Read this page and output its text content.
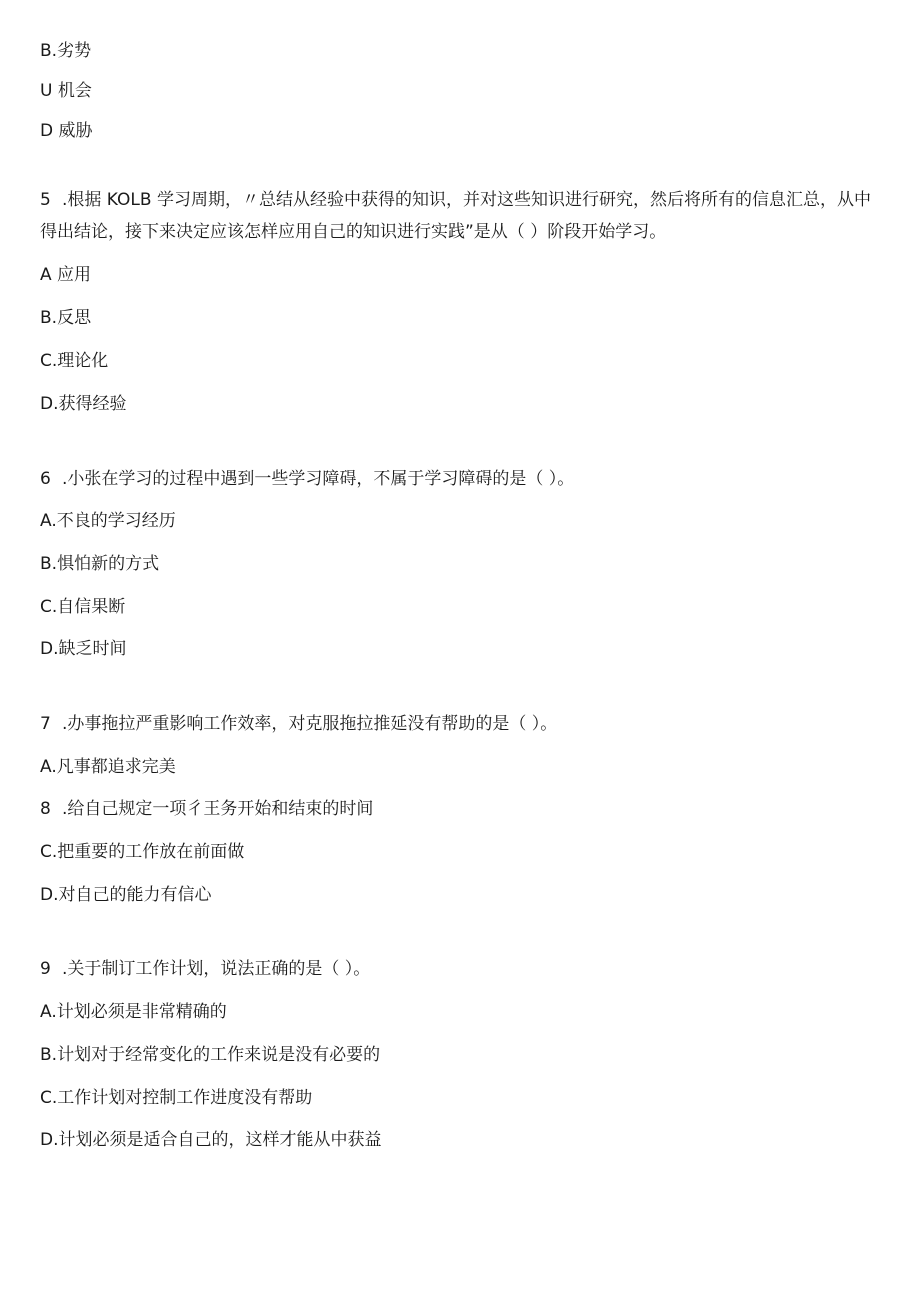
B.劣势
U 机会
D 威胁
5 .根据 KOLB 学习周期，〃总结从经验中获得的知识，并对这些知识进行研究，然后将所有的信息汇总，从中得出结论，接下来决定应该怎样应用自己的知识进行实践”是从（ ）阶段开始学习。
A 应用
B.反思
C.理论化
D.获得经验
6 .小张在学习的过程中遇到一些学习障碍，不属于学习障碍的是（ ）。
A.不良的学习经历
B.惧怕新的方式
C.自信果断
D.缺乏时间
7 .办事拖拉严重影响工作效率，对克服拖拉推延没有帮助的是（ ）。
A.凡事都追求完美
8 .给自己规定一项彳王务开始和结束的时间
C.把重要的工作放在前面做
D.对自己的能力有信心
9 .关于制订工作计划，说法正确的是（ ）。
A.计划必须是非常精确的
B.计划对于经常变化的工作来说是没有必要的
C.工作计划对控制工作进度没有帮助
D.计划必须是适合自己的，这样才能从中获益
